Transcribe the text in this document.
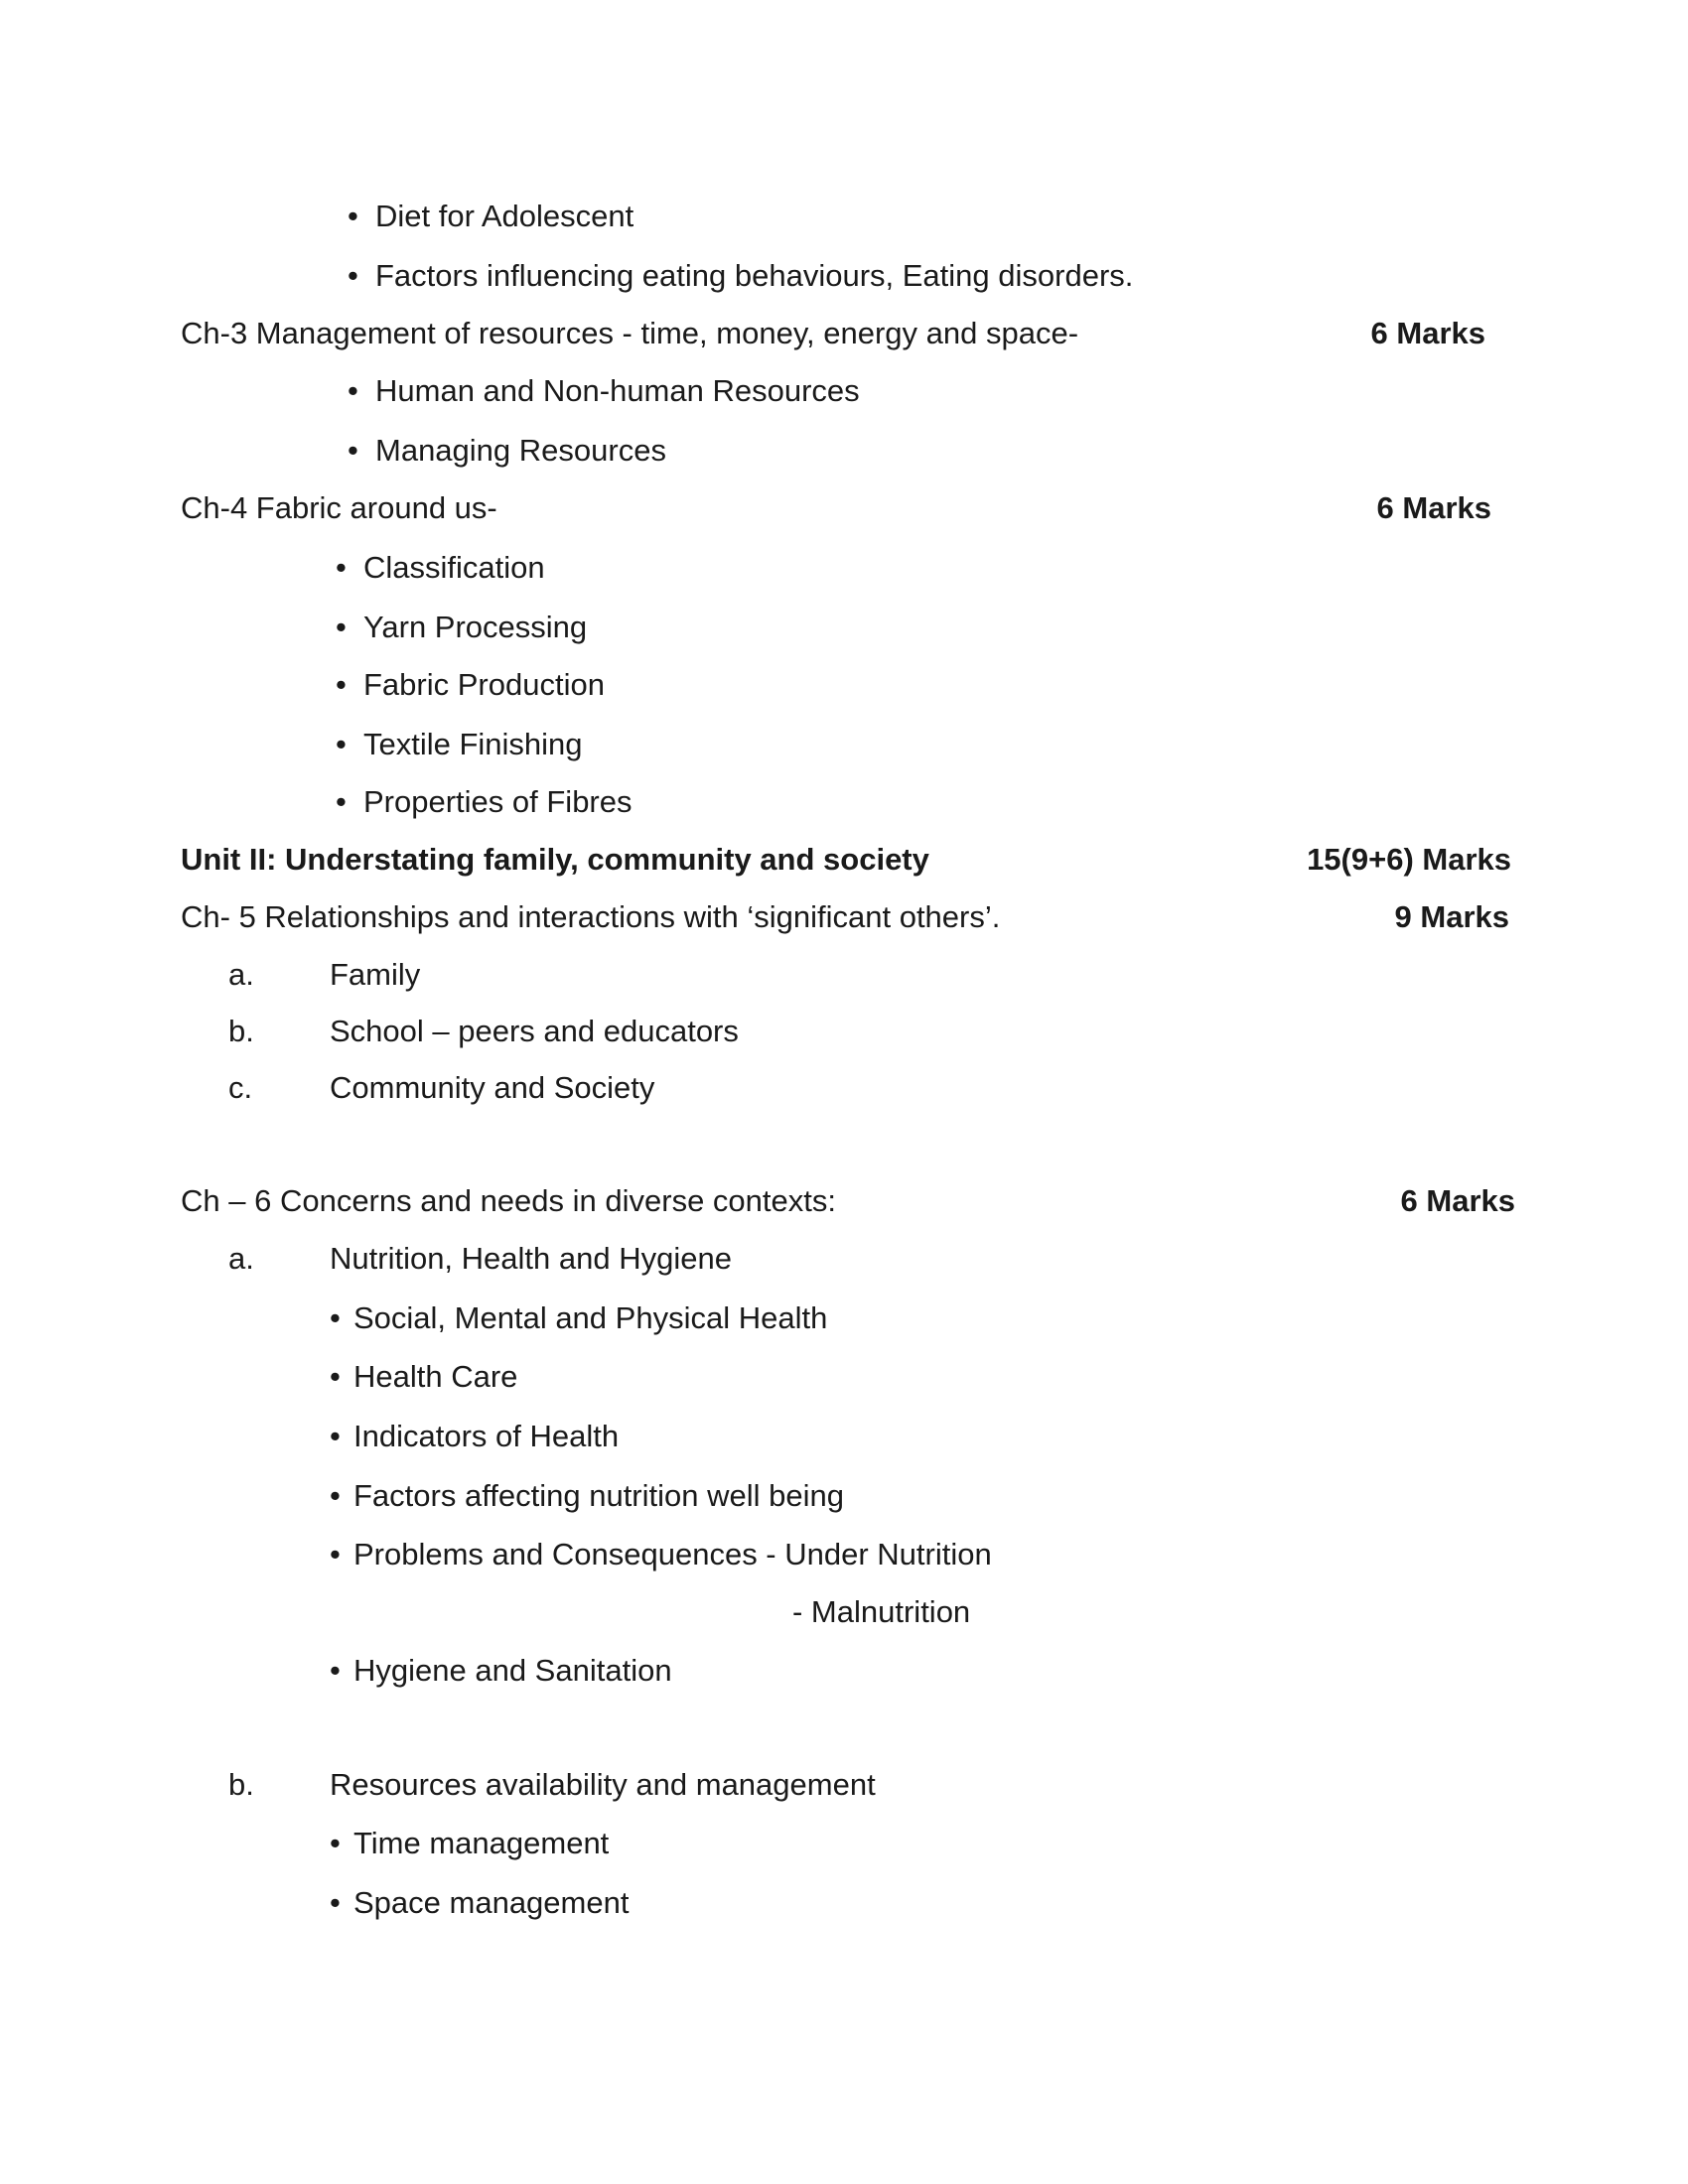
• Diet for Adolescent
• Factors influencing eating behaviours, Eating disorders.
Ch-3 Management of resources - time, money, energy and space-	6 Marks
• Human and Non-human Resources
• Managing Resources
Ch-4 Fabric around us-	6 Marks
• Classification
• Yarn Processing
• Fabric Production
• Textile Finishing
• Properties of Fibres
Unit II: Understating family, community and society	15(9+6) Marks
Ch- 5 Relationships and interactions with ‘significant others’.	9 Marks
a. Family
b. School – peers and educators
c.	Community and Society
Ch – 6 Concerns and needs in diverse contexts:	6 Marks
a. Nutrition, Health and Hygiene
• Social, Mental and Physical Health
• Health Care
• Indicators of Health
• Factors affecting nutrition well being
• Problems and Consequences - Under Nutrition
- Malnutrition
• Hygiene and Sanitation
b. Resources availability and management
• Time management
• Space management
